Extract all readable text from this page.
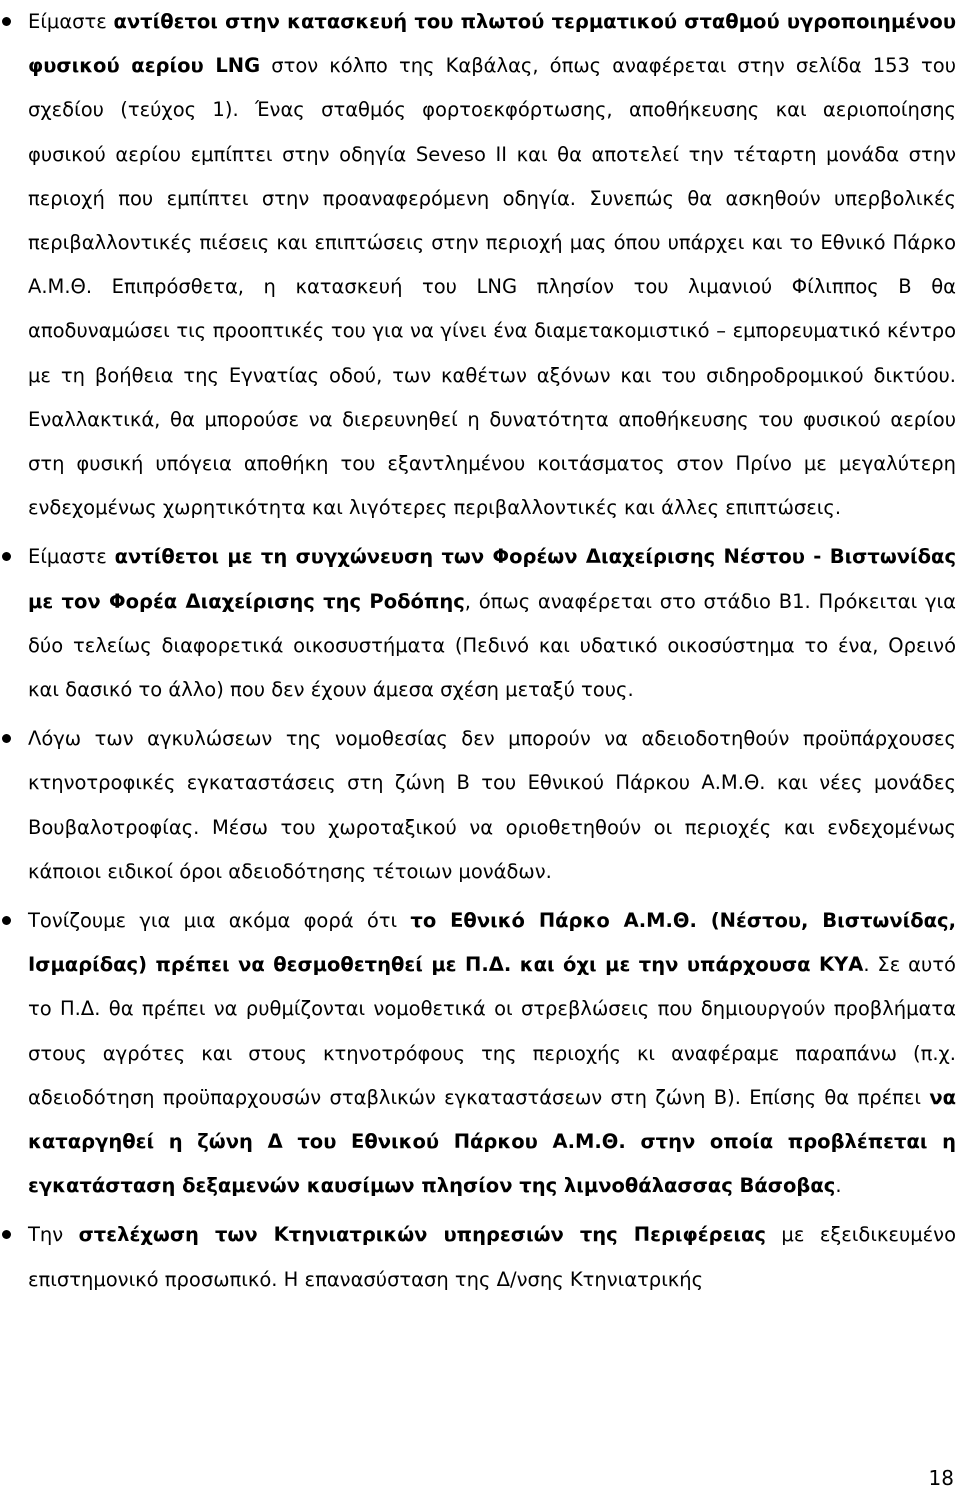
Είμαστε αντίθετοι στην κατασκευή του πλωτού τερματικού σταθμού υγροποιημένου φυσικού αερίου LNG στον κόλπο της Καβάλας, όπως αναφέρεται στην σελίδα 153 του σχεδίου (τεύχος 1). Ένας σταθμός φορτοεκφόρτωσης, αποθήκευσης και αεριοποίησης φυσικού αερίου εμπίπτει στην οδηγία Seveso II και θα αποτελεί την τέταρτη μονάδα στην περιοχή που εμπίπτει στην προαναφερόμενη οδηγία. Συνεπώς θα ασκηθούν υπερβολικές περιβαλλοντικές πιέσεις και επιπτώσεις στην περιοχή μας όπου υπάρχει και το Εθνικό Πάρκο Α.Μ.Θ. Επιπρόσθετα, η κατασκευή του LNG πλησίον του λιμανιού Φίλιππος Β θα αποδυναμώσει τις προοπτικές του για να γίνει ένα διαμετακομιστικό – εμπορευματικό κέντρο με τη βοήθεια της Εγνατίας οδού, των καθέτων αξόνων και του σιδηροδρομικού δικτύου. Εναλλακτικά, θα μπορούσε να διερευνηθεί η δυνατότητα αποθήκευσης του φυσικού αερίου στη φυσική υπόγεια αποθήκη του εξαντλημένου κοιτάσματος στον Πρίνο με μεγαλύτερη ενδεχομένως χωρητικότητα και λιγότερες περιβαλλοντικές και άλλες επιπτώσεις.

Είμαστε αντίθετοι με τη συγχώνευση των Φορέων Διαχείρισης Νέστου - Βιστωνίδας με τον Φορέα Διαχείρισης της Ροδόπης, όπως αναφέρεται στο στάδιο Β1. Πρόκειται για δύο τελείως διαφορετικά οικοσυστήματα (Πεδινό και υδατικό οικοσύστημα το ένα, Ορεινό και δασικό το άλλο) που δεν έχουν άμεσα σχέση μεταξύ τους.

Λόγω των αγκυλώσεων της νομοθεσίας δεν μπορούν να αδειοδοτηθούν προϋπάρχουσες κτηνοτροφικές εγκαταστάσεις στη ζώνη Β του Εθνικού Πάρκου Α.Μ.Θ. και νέες μονάδες Βουβαλοτροφίας. Μέσω του χωροταξικού να οριοθετηθούν οι περιοχές και ενδεχομένως κάποιοι ειδικοί όροι αδειοδότησης τέτοιων μονάδων.

Τονίζουμε για μια ακόμα φορά ότι το Εθνικό Πάρκο Α.Μ.Θ. (Νέστου, Βιστωνίδας, Ισμαρίδας) πρέπει να θεσμοθετηθεί με Π.Δ. και όχι με την υπάρχουσα ΚΥΑ. Σε αυτό το Π.Δ. θα πρέπει να ρυθμίζονται νομοθετικά οι στρεβλώσεις που δημιουργούν προβλήματα στους αγρότες και στους κτηνοτρόφους της περιοχής κι αναφέραμε παραπάνω (π.χ. αδειοδότηση προϋπαρχουσών σταβλικών εγκαταστάσεων στη ζώνη Β). Επίσης θα πρέπει να καταργηθεί η ζώνη Δ του Εθνικού Πάρκου Α.Μ.Θ. στην οποία προβλέπεται η εγκατάσταση δεξαμενών καυσίμων πλησίον της λιμνοθάλασσας Βάσοβας.

Την στελέχωση των Κτηνιατρικών υπηρεσιών της Περιφέρειας με εξειδικευμένο επιστημονικό προσωπικό. Η επανασύσταση της Δ/νσης Κτηνιατρικής

18
